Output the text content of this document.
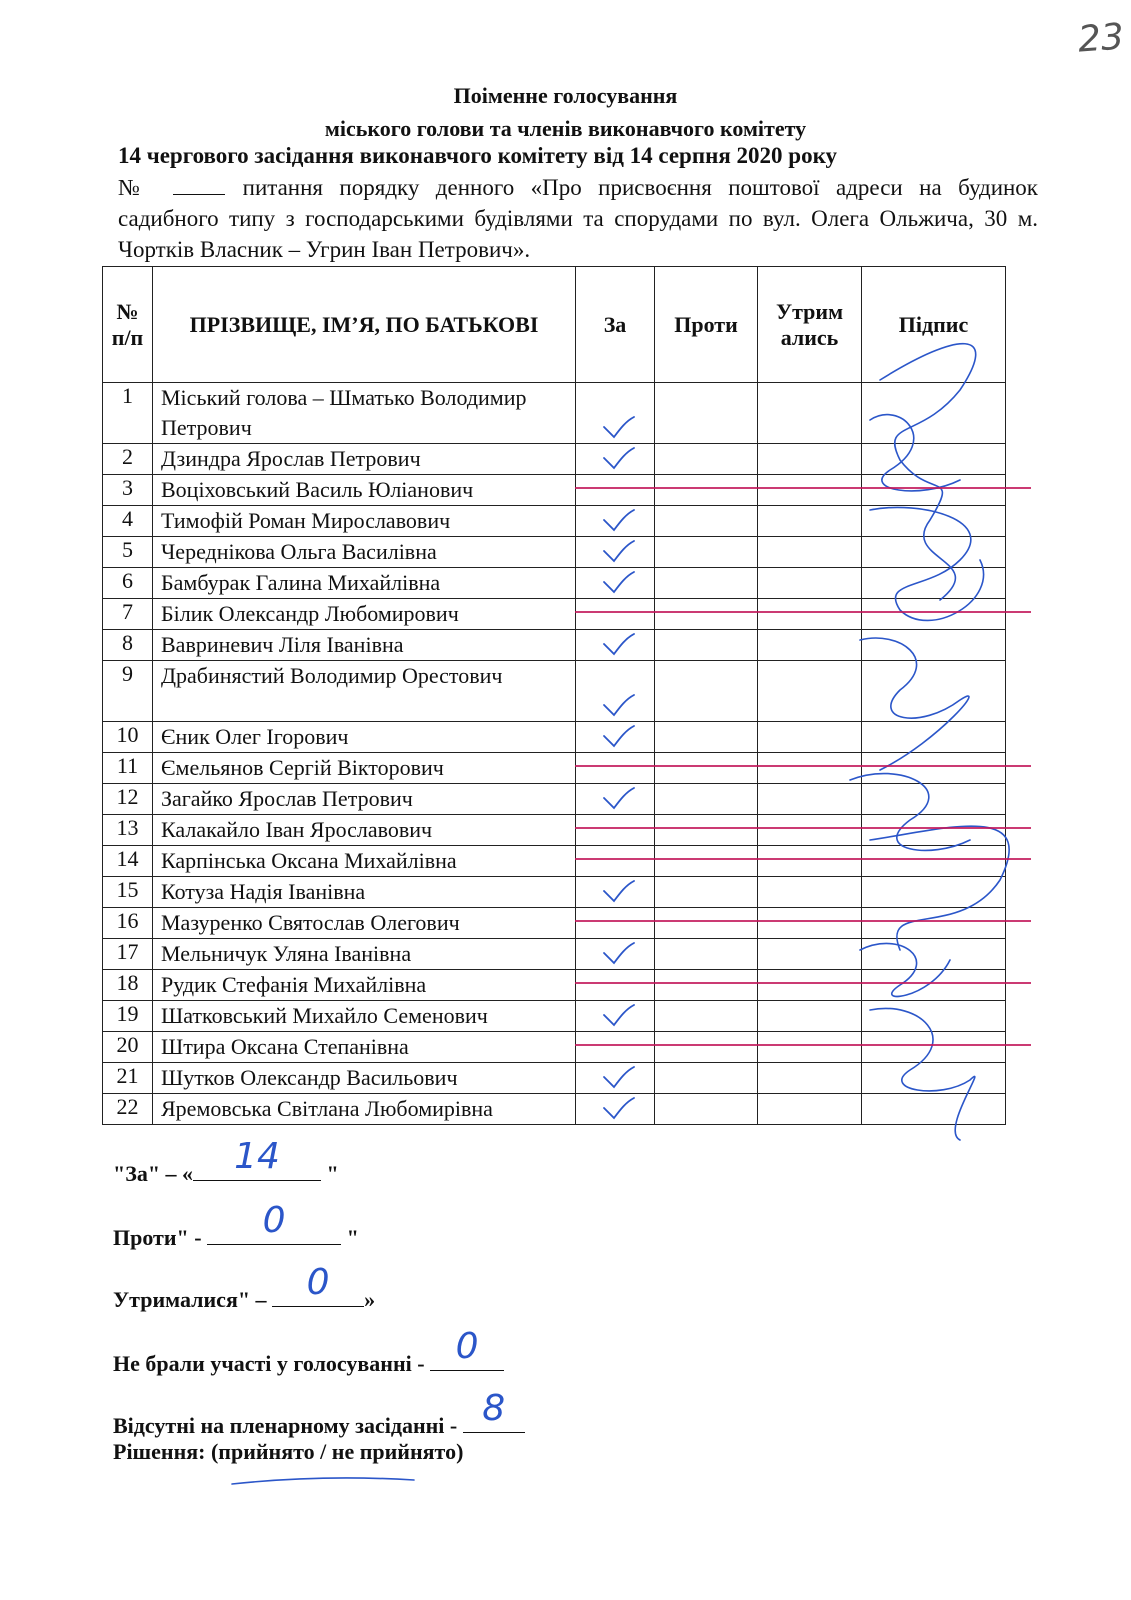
23
Поіменне голосування
міського голови та членів виконавчого комітету
14 чергового засідання виконавчого комітету від 14 серпня 2020 року
№	питання порядку денного «Про присвоєння поштової адреси на будинок садибного типу з господарськими будівлями та спорудами по вул. Олега Ольжича, 30 м. Чортків Власник – Угрин Іван Петрович».
№ п/п	ПРІЗВИЩЕ, ІМ’Я, ПО БАТЬКОВІ	За	Проти	Утрим ались	Підпис
1	Міський голова – Шматько Володимир Петрович	

2	Дзиндра Ярослав Петрович	

3	Воціховський Василь Юліанович				
4	Тимофій Роман Мирославович	

5	Череднікова Ольга Василівна	

6	Бамбурак Галина Михайлівна	

7	Білик Олександр Любомирович				
8	Вавриневич Ліля Іванівна	

9	Драбинястий Володимир Орестович	

10	Єник Олег Ігорович	

11	Ємельянов Сергій Вікторович				
12	Загайко Ярослав Петрович	

13	Калакайло Іван Ярославович				
14	Карпінська Оксана Михайлівна				
15	Котуза Надія Іванівна	

16	Мазуренко Святослав Олегович				
17	Мельничук Уляна Іванівна	

18	Рудик Стефанія Михайлівна				
19	Шатковський Михайло Семенович	

20	Штира Оксана Степанівна				
21	Шутков Олександр Васильович	

22	Яремовська Світлана Любомирівна	

"За" – «	14	"
Проти" -	0	"
Утрималися" – 0	»
Не брали участі у голосуванні - 0
Відсутні на пленарному засіданні - 8
Рішення: (прийнято / не прийнято)
